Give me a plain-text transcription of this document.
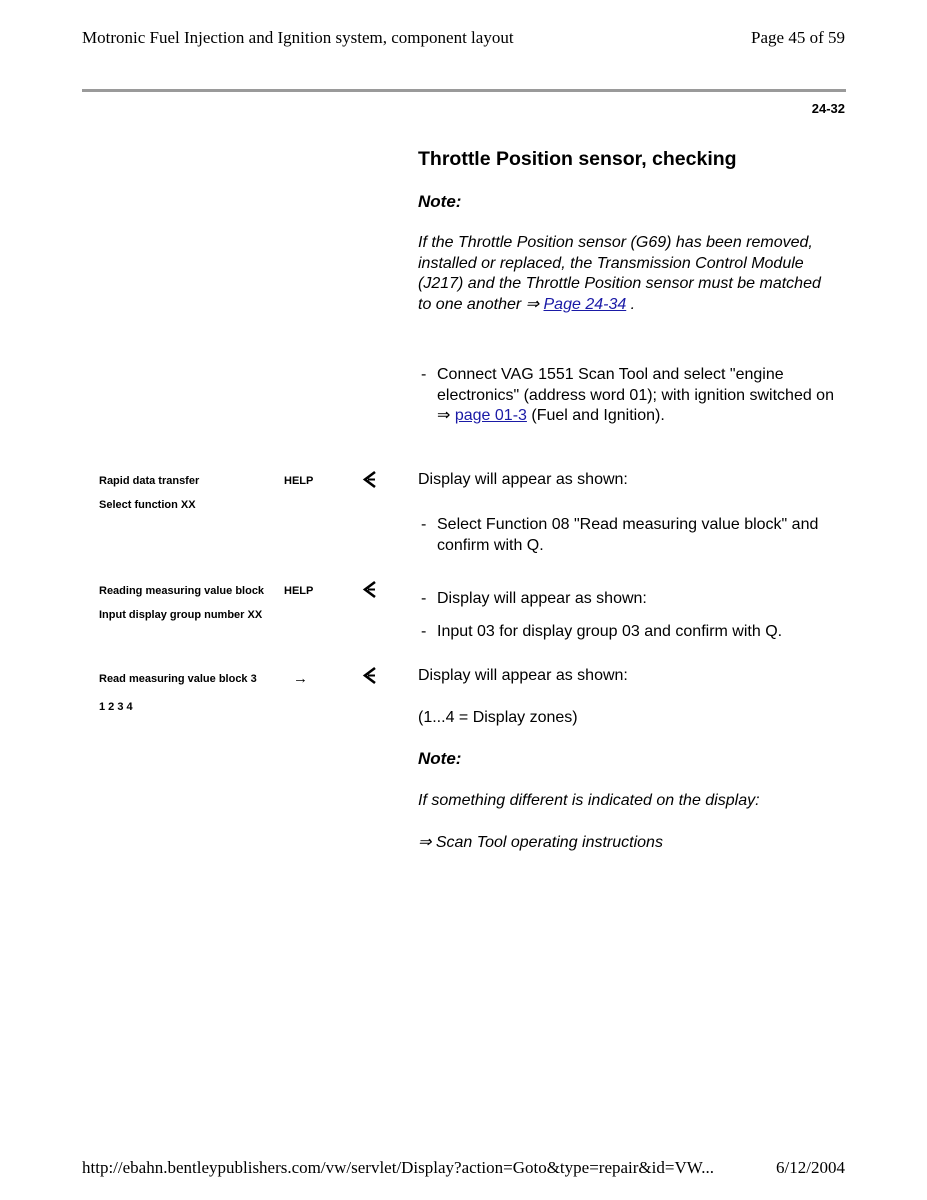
Motronic Fuel Injection and Ignition system, component layout	Page 45 of 59
24-32
Throttle Position sensor, checking
Note:
If the Throttle Position sensor (G69) has been removed, installed or replaced, the Transmission Control Module (J217) and the Throttle Position sensor must be matched to one another ⇒ Page 24-34 .
- Connect VAG 1551 Scan Tool and select "engine electronics" (address word 01); with ignition switched on ⇒ page 01-3 (Fuel and Ignition).
Rapid data transfer	HELP
Select function XX
Display will appear as shown:
- Select Function 08 "Read measuring value block" and confirm with Q.
Reading measuring value block HELP
Input display group number XX
- Display will appear as shown:
- Input 03 for display group 03 and confirm with Q.
Read measuring value block 3 →
1 2 3 4
Display will appear as shown:
(1...4 = Display zones)
Note:
If something different is indicated on the display:
⇒ Scan Tool operating instructions
http://ebahn.bentleypublishers.com/vw/servlet/Display?action=Goto&type=repair&id=VW...	6/12/2004
